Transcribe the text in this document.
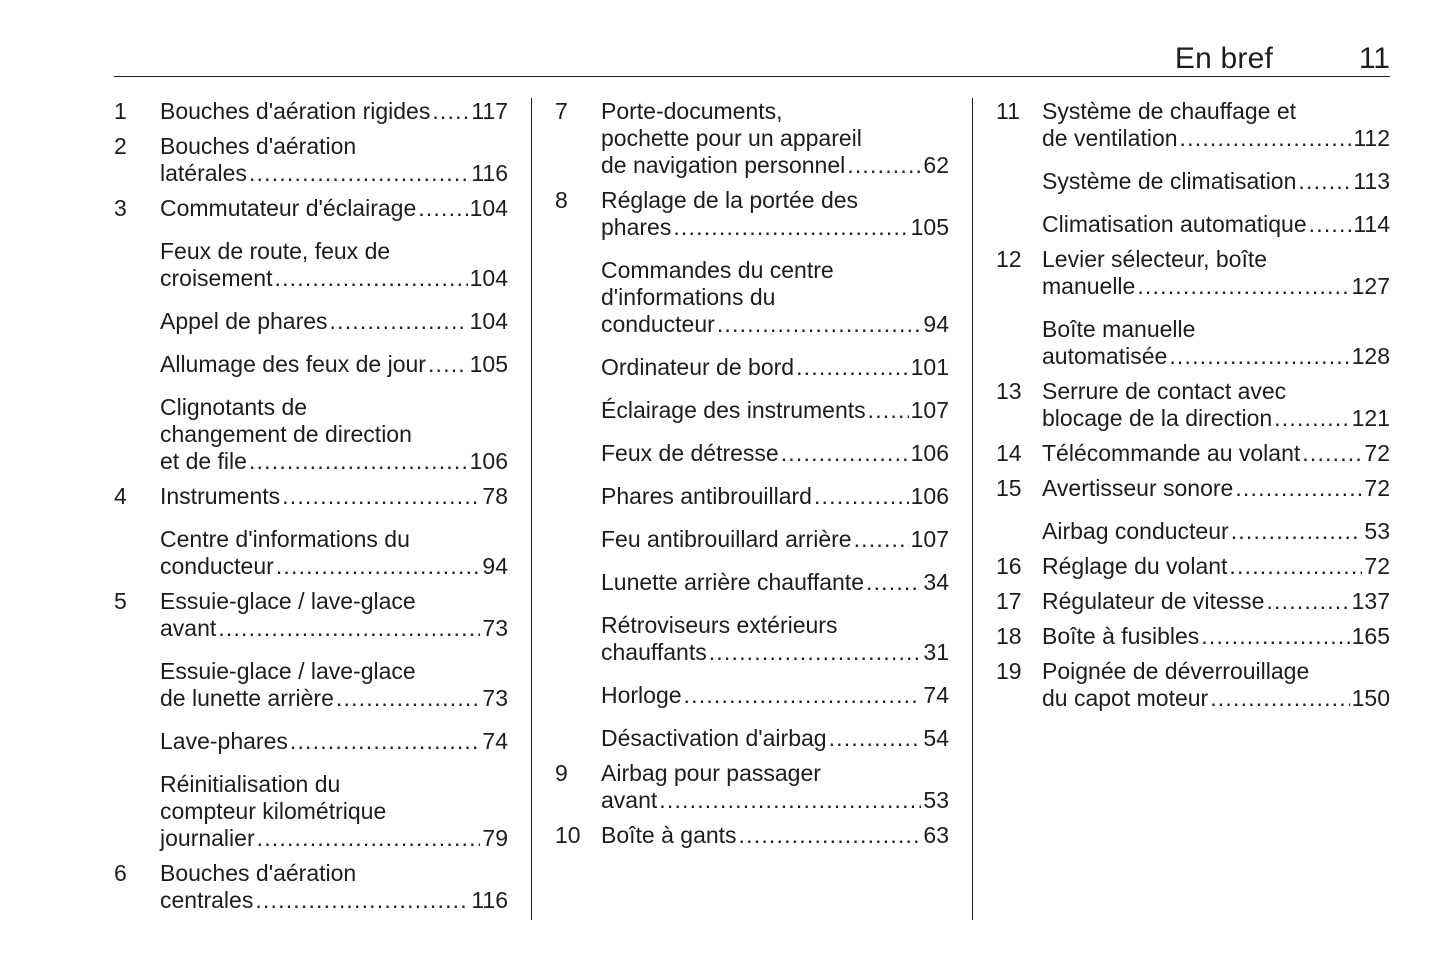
En bref	11
1 Bouches d'aération rigides ..... 117
2 Bouches d'aération
latérales .....	116
3 Commutateur d'éclairage ..... 104
Feux de route, feux de
croisement .....	104
Appel de phares .....	104
Allumage des feux de jour ..... 105
Clignotants de
changement de direction
et de file .....	106
4 Instruments .....	78
Centre d'informations du
conducteur .....	94
5 Essuie-glace / lave-glace
avant .....	73
Essuie-glace / lave-glace
de lunette arrière .....	73
Lave-phares .....	74
Réinitialisation du
compteur kilométrique
journalier .....	79
6 Bouches d'aération
centrales .....	116
7 Porte-documents,
pochette pour un appareil
de navigation personnel .....	62
8 Réglage de la portée des
phares .....	105
Commandes du centre
d'informations du
conducteur .....	94
Ordinateur de bord .....	101
Éclairage des instruments ..... 107
Feux de détresse .....	106
Phares antibrouillard .....	106
Feu antibrouillard arrière .....	107
Lunette arrière chauffante .....	34
Rétroviseurs extérieurs
chauffants .....	31
Horloge .....	74
Désactivation d'airbag .....	54
9 Airbag pour passager
avant .....	53
10 Boîte à gants .....	63
11 Système de chauffage et
de ventilation .....	112
Système de climatisation ..... 113
Climatisation automatique ..... 114
12 Levier sélecteur, boîte
manuelle .....	127
Boîte manuelle
automatisée .....	128
13 Serrure de contact avec
blocage de la direction .....	121
14 Télécommande au volant .....	72
15 Avertisseur sonore .....	72
Airbag conducteur .....	53
16 Réglage du volant .....	72
17 Régulateur de vitesse .....	137
18 Boîte à fusibles .....	165
19 Poignée de déverrouillage
du capot moteur .....	150
